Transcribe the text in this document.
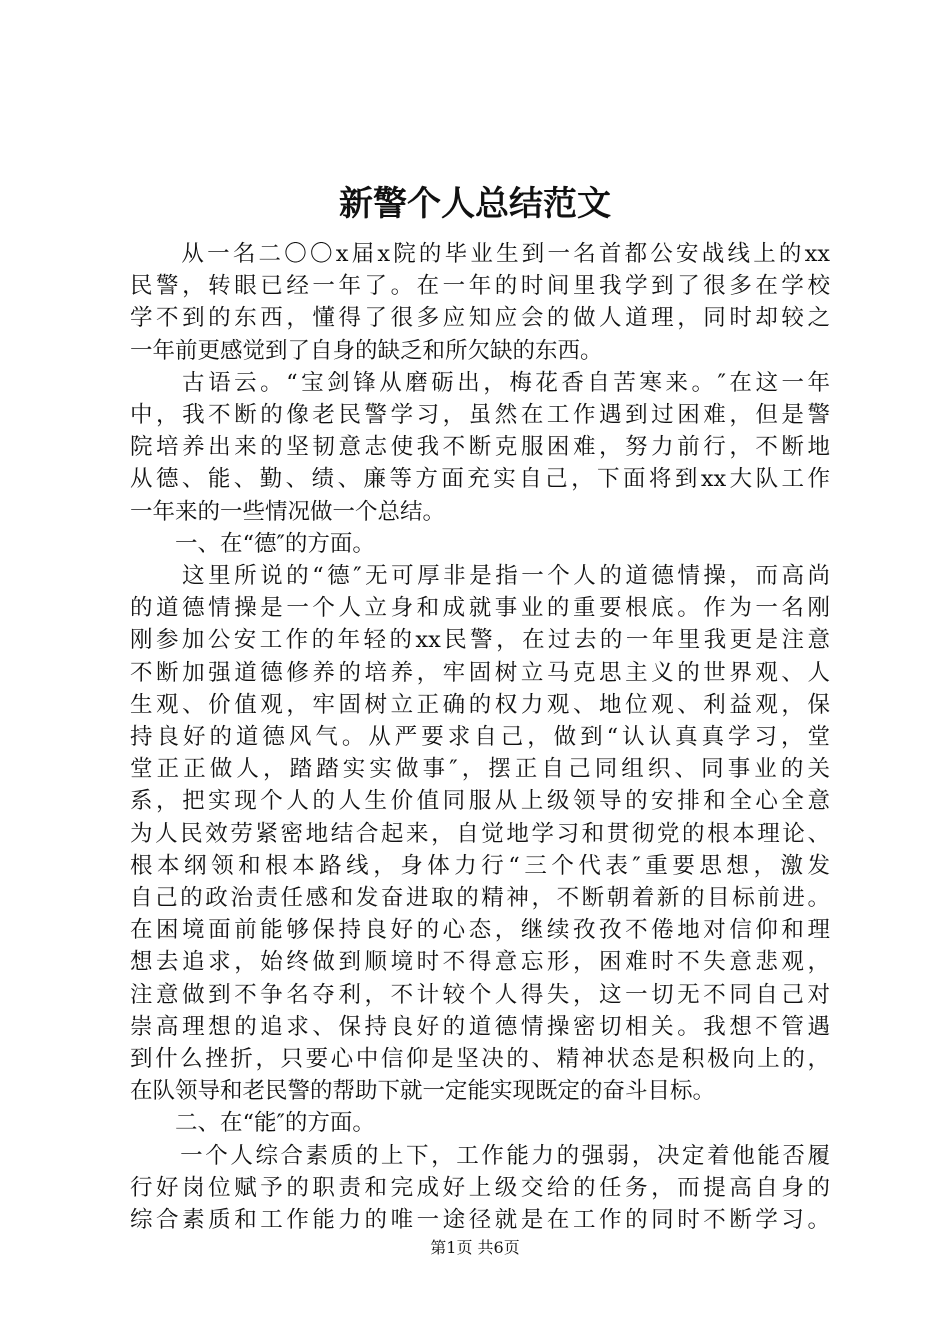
新警个人总结范文
　　从一名二〇〇x届x院的毕业生到一名首都公安战线上的xx
民警，转眼已经一年了。在一年的时间里我学到了很多在学校
学不到的东西，懂得了很多应知应会的做人道理，同时却较之
一年前更感觉到了自身的缺乏和所欠缺的东西。
　　古语云。“宝剑锋从磨砺出，梅花香自苦寒来。″在这一年
中，我不断的像老民警学习，虽然在工作遇到过困难，但是警
院培养出来的坚韧意志使我不断克服困难，努力前行，不断地
从德、能、勤、绩、廉等方面充实自己，下面将到xx大队工作
一年来的一些情况做一个总结。
　　一、在“德″的方面。
　　这里所说的“德″无可厚非是指一个人的道德情操，而高尚
的道德情操是一个人立身和成就事业的重要根底。作为一名刚
刚参加公安工作的年轻的xx民警，在过去的一年里我更是注意
不断加强道德修养的培养，牢固树立马克思主义的世界观、人
生观、价值观，牢固树立正确的权力观、地位观、利益观，保
持良好的道德风气。从严要求自己，做到“认认真真学习，堂
堂正正做人，踏踏实实做事″，摆正自己同组织、同事业的关
系，把实现个人的人生价值同服从上级领导的安排和全心全意
为人民效劳紧密地结合起来，自觉地学习和贯彻党的根本理论、
根本纲领和根本路线，身体力行“三个代表″重要思想，激发
自己的政治责任感和发奋进取的精神，不断朝着新的目标前进。
在困境面前能够保持良好的心态，继续孜孜不倦地对信仰和理
想去追求，始终做到顺境时不得意忘形，困难时不失意悲观，
注意做到不争名夺利，不计较个人得失，这一切无不同自己对
崇高理想的追求、保持良好的道德情操密切相关。我想不管遇
到什么挫折，只要心中信仰是坚决的、精神状态是积极向上的，
在队领导和老民警的帮助下就一定能实现既定的奋斗目标。
　　二、在“能″的方面。
　　一个人综合素质的上下，工作能力的强弱，决定着他能否履
行好岗位赋予的职责和完成好上级交给的任务，而提高自身的
综合素质和工作能力的唯一途径就是在工作的同时不断学习。
第1页 共6页
